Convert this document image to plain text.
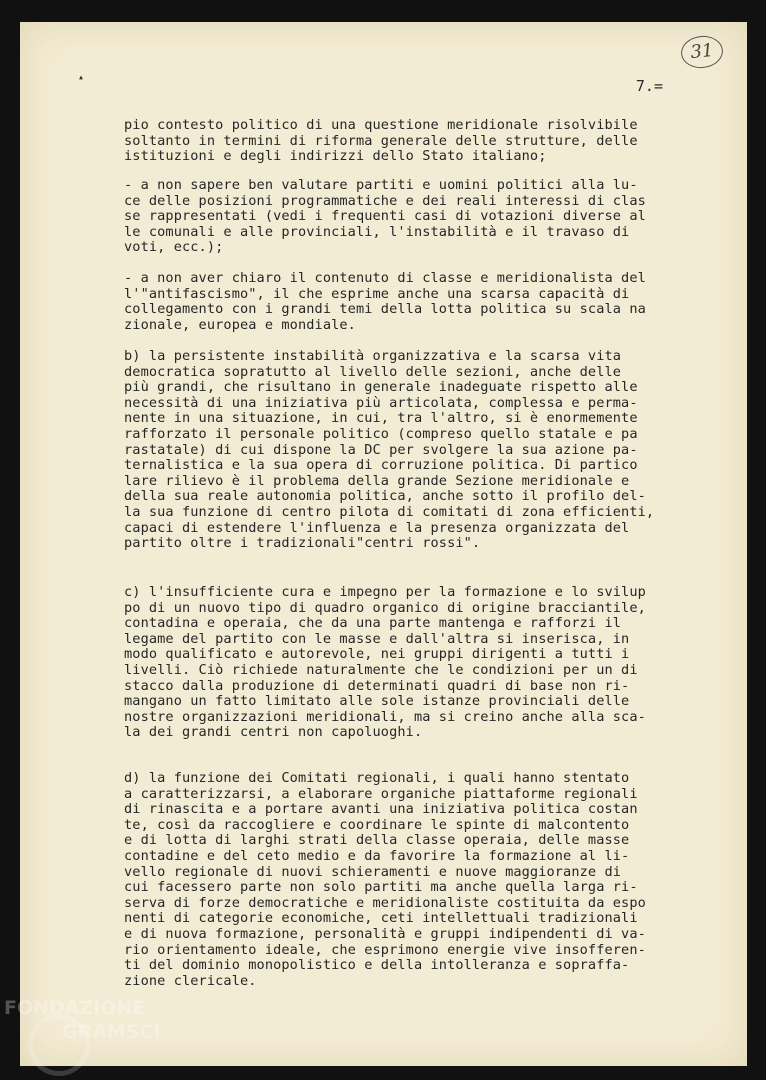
31
▴	7.=
pio contesto politico di una questione meridionale risolvibile
soltanto in termini di riforma generale delle strutture, delle
istituzioni e degli indirizzi dello Stato italiano;
- a non sapere ben valutare partiti e uomini politici alla lu-
ce delle posizioni programmatiche e dei reali interessi di clas
se rappresentati (vedi i frequenti casi di votazioni diverse al
le comunali e alle provinciali, l'instabilità e il travaso di
voti, ecc.);
- a non aver chiaro il contenuto di classe e meridionalista del
l'"antifascismo", il che esprime anche una scarsa capacità di
collegamento con i grandi temi della lotta politica su scala na
zionale, europea e mondiale.
b) la persistente instabilità organizzativa e la scarsa vita
democratica sopratutto al livello delle sezioni, anche delle
più grandi, che risultano in generale inadeguate rispetto alle
necessità di una iniziativa più articolata, complessa e perma-
nente in una situazione, in cui, tra l'altro, si è enormemente
rafforzato il personale politico (compreso quello statale e pa
rastatale) di cui dispone la DC per svolgere la sua azione pa-
ternalistica e la sua opera di corruzione politica. Di partico
lare rilievo è il problema della grande Sezione meridionale e
della sua reale autonomia politica, anche sotto il profilo del-
la sua funzione di centro pilota di comitati di zona efficienti,
capaci di estendere l'influenza e la presenza organizzata del
partito oltre i tradizionali"centri rossi".
c) l'insufficiente cura e impegno per la formazione e lo svilup
po di un nuovo tipo di quadro organico di origine bracciantile,
contadina e operaia, che da una parte mantenga e rafforzi il
legame del partito con le masse e dall'altra si inserisca, in
modo qualificato e autorevole, nei gruppi dirigenti a tutti i
livelli. Ciò richiede naturalmente che le condizioni per un di
stacco dalla produzione di determinati quadri di base non ri-
mangano un fatto limitato alle sole istanze provinciali delle
nostre organizzazioni meridionali, ma si creino anche alla sca-
la dei grandi centri non capoluoghi.
d) la funzione dei Comitati regionali, i quali hanno stentato
a caratterizzarsi, a elaborare organiche piattaforme regionali
di rinascita e a portare avanti una iniziativa politica costan
te, così da raccogliere e coordinare le spinte di malcontento
e di lotta di larghi strati della classe operaia, delle masse
contadine e del ceto medio e da favorire la formazione al li-
vello regionale di nuovi schieramenti e nuove maggioranze di
cui facessero parte non solo partiti ma anche quella larga ri-
serva di forze democratiche e meridionaliste costituita da espo
nenti di categorie economiche, ceti intellettuali tradizionali
e di nuova formazione, personalità e gruppi indipendenti di va-
rio orientamento ideale, che esprimono energie vive insofferen-
ti del dominio monopolistico e della intolleranza e sopraffa-
zione clericale.
FONDAZIONE
GRAMSCI
